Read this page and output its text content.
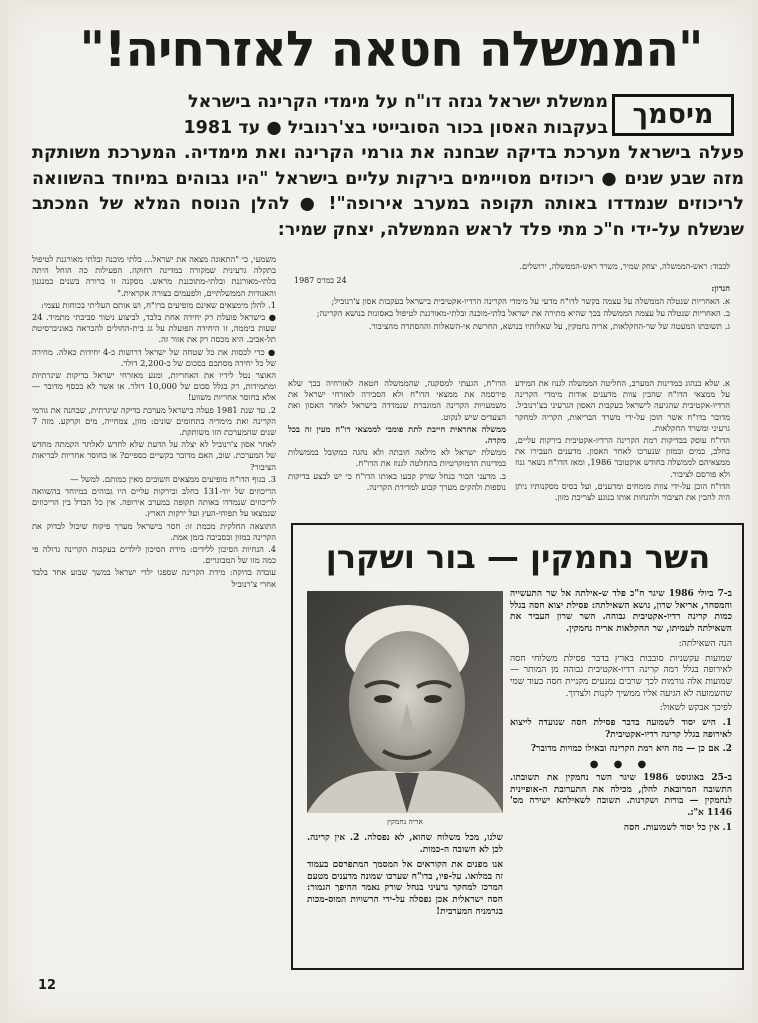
"הממשלה חטאה לאזרחיה!"
מיסמך
ממשלת ישראל גנזה דו"ח על מימדי הקרינה בישראל
בעקבות האסון בכור הסובייטי בצ'רנוביל ● עד 1981
פעלה בישראל מערכת בדיקה שבחנה את גורמי הקרינה ואת מימדיה. המערכת משותקת מזה שבע שנים ● ריכוזים מסויימים בירקות עליים בישראל "היו גבוהים במיוחד בהשוואה לריכוזים שנמדדו באותה תקופה במערב אירופה"! ● להלן הנוסח המלא של המכתב שנשלח על-ידי ח"כ מתי פלד לראש הממשלה, יצחק שמיר:
לכבוד: ראש-הממשלה, יצחק שמיר, משרד ראש-הממשלה, ירושלים.
24 במרס 1987

הנדון:

א. האחריות שנטלה הממשלה על עצמה בקשר לדו"ח מדעי על מימדי הקרינה הרדיו-אקטיבית בישראל בעקבות אסון צ'רנוביל;

ב. האחריות שנטלה על עצמה הממשלה בכך שהיא מתירה את ישראל בלתי-מוכנה ובלתי-מאורגנת לטיפול באסונות בנושא הקרינה;

ג. תשובתו המעטה של שר-החקלאות, אריה נחמקין, על שאלותיו בנושא, החרשת אי-השאלות וההסתרה מהציבור.

א. שלא כנהוג במדינות המערב, החליטה הממשלה לגנוז את המידע על ממצאי הדו"ח שהכין צוות מדענים אודות מימדי הקרינה הרדיו-אקטיבית שהגיעה לישראל בעקבות האסון הגרעיני בצ'רנוביל. מדובר בדו"ח אשר הוכן על-ידי משרד הבריאות, הקריה למחקר גרעיני ומשרד החקלאות.

הדו"ח עוסק בבדיקות רמת הקרינה הרדיו-אקטיבית בירקות עליים, בחלב, במים ובמזון שנערכו לאחר האסון. מדענים העבירו את ממצאיהם לממשלה בחודש אוקטובר 1986, ומאז הדו"ח נשאר גנוז ולא פורסם לציבור.

הדו"ח הוכן על-ידי צוות מומחים ומדענים, ועל בסיס מסקנותיו ניתן היה להכין את הציבור ולהנחות אותו בנוגע לצריכת מזון.

הדו"ח, הגעתי למסקנה, שהממשלה חטאה לאזרחיה בכך שלא פירסמה את ממצאי הדו"ח ולא הסבירה לאזרחי ישראל את משמעויות הקרינה המוגברת שנמדדה בישראל לאחר האסון ואת הצעדים שיש לנקוט.

ממשלה אחראית חייבת לתת פומבי לממצאי דו"ח מעין זה בכל מקרה.

ממשלת ישראל לא מילאה חובתה ולא נהגה כמקובל בממשלות במדינות הדמוקרטיות בהחלטה לגנוז את הדו"ח.

ב. מדעני הכור בנחל שורק קבעו באותו הדו"ח כי יש לבצע בדיקות נוספות ולהקים מערך קבוע למדידת הקרינה.

משמעי, כי "התאונה מצאה את ישראל... בלתי מוכנה ובלתי מאורגנת לטיפול בתקלה גרעינית שמקורה במדינה רחוקה. הפעילות כה הוחל היתה בלתי-מאורגנת ובלתי-מתוכננת מראש. מסקנה זו ברורה בשנים במנגנון והאגודות הממשלתיים, ולפעמים בצורה אקראית."

1. להלן מימצאים שאינם מופיעים ברו"ח, וש אותם העליתי בכוחות עצמי:

● בישראל פועלת רק יחידה אחת בלבד, לביצוע ניטור סביבתי מתמיד. 24 שעות ביממה, זו היחידה הפועלת על גג בית-החולים להבראה באוניברסיטת תל-אביב. היא מכסה רק את אזור זה.

● כדי לכסות את כל שטחה של ישראל דרושות כ-4 יחידות כאלה. מחירה של כל יחידה מסתכם בסכום של כ-2,200 דולר.

האוצר נטל לידיו את האחריות, ומנע מאזרחי ישראל בדיקות שיגרתיות ומתמידות, רק בגלל סכום של 10,000 דולר. או אשר לא בכסף מדובר — אלא בחוסר אחריות משווע!

2. עד שנת 1981 פעלה בישראל מערכת בדיקה שיגרתית, שבחנה את גורמי הקרינה ואת מימדיה בתחומים שונים: מזון, צמחייה, מים וקרקע. מזה 7 שנים שהמערכת הזו משותקת.

לאחר אסון צ'רנוביל לא יצלה על הדעת שלא לחדש לאלתר הקמתה מחדש של המערכת. שוב, האם מדובר בקשיים כספיים? או בחוסר אחריות לבריאות הציבור?

3. בגוף הדו"ח מופיעים ממצאים חשובים מאין כמותם. למשל —

הריכוזים של יוד-131 בחלב ובירקות עליים היו גבוהים במיוחד בהשוואה לריכוזים שנמדדו באותה תקופה במערב אירופה. אין כל הבדל בין הריכוזים שנמצאו על תפוחי-העץ ועל ירקות הארץ.

התוצאה החלקית מכמת זו: חסר בישראל מערך פיקוח שיכול לבדוק את הקרינה במזון ובסביבה בזמן אמת.

4. הנחיות הסיכון ללידים: מידת הסיכון לילדים בעקבות הקרינה גדולה פי כמה מזו של המבוגרים.

עובדה בדוקה: מידת הקרינה שספגו ילדי ישראל במשך שבוע אחד בלבד אחרי צ'רנוביל

השר נחמקין — בור ושקרן
אריה נחמקין

ב-7 ביולי 1986 שיגר ח"כ פלד ש-אילתה אל שר התעשייה והמסחר, אריאל שרון, נושא השאילתה: פסילת יצוא חסה בגלל כמות קרינה רדיו-אקטיבית גבוהה. השר שרון העביר את השאילתה לעמיתו, שר החקלאות אריה נחמקין.

הנה השאילתה:

שמועות עקשניות סובבות בארץ בדבר פסילת משלוחי חסה לאירופה בגלל רמה קרינה רדיו-אקטיבית גבוהה מן המותר — שמועות אלה גורמות לכך שרבים נמנעים מקניית חסה בעוד שמי שהשמועה לא הגיעה אליו ממשיך לקנות ולצרוך.

לפיכך אבקש לשאול:

1. היש יסוד לשמועה בדבר פסילת חסה שנועדה לייצוא לאירופה בגלל קרינה רדיו-אקטיבית?

2. אם כן — מה היא רמת הקרינה ובאילו כמויות מדובר?

● ● ●

ב-25 באוגוסט 1986 שיגר השר נחמקין את תשובתו. התשובה המרובאת להלן, מכילה את התערובת ה-אופיינית לנחמקין — בורות ושקרנות. תשובה לשאילתא ישירה מס' 1146 א"ג.

1. אין כל יסוד לשמועות. חסה

שלנו, מכל משלוח שהוא, לא נפסלה. 2. אין קרינה. לכן לא חשובה ה-כמות.

אנו מפנים את הקוראים אל המסמך המתפרסם בעמוד זה במלואו. על-פיו, בדו"ח שערכו שמונה מדענים מטעם המרכז למחקר גרעיני בנחל שורק נאמר ההיפך הגמור: חסה ישראלית אכן נפסלה על-ידי הרשויות המוס-מכות בגרמניה המערבית!

12
